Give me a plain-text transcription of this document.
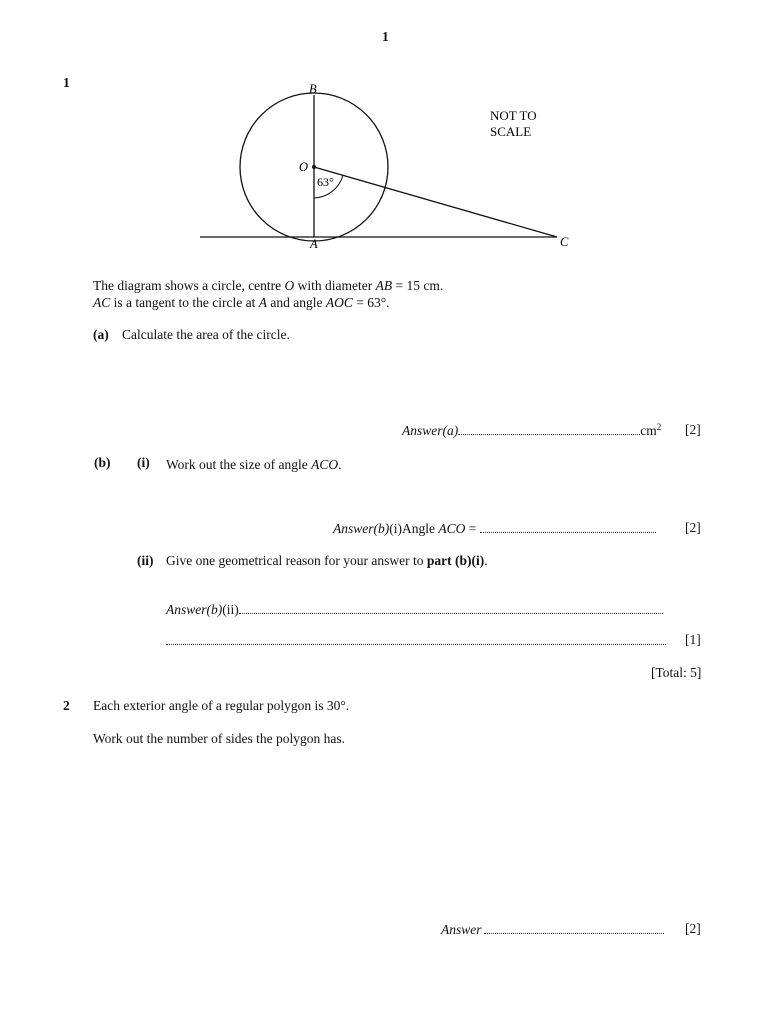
1
1	B
O
63°
A	C
NOT TO
SCALE
The diagram shows a circle, centre O with diameter AB = 15 cm.
AC is a tangent to the circle at A and angle AOC = 63°.
(a) Calculate the area of the circle.
Answer(a)	$cm^2$ [2]
(b) (i) Work out the size of angle ACO.
Answer(b)(i)Angle ACO =	[2]
(ii) Give one geometrical reason for your answer to part (b)(i).
Answer(b)(ii)
[1]
[Total: 5]
2 Each exterior angle of a regular polygon is 30°.
Work out the number of sides the polygon has.
Answer	[2]
